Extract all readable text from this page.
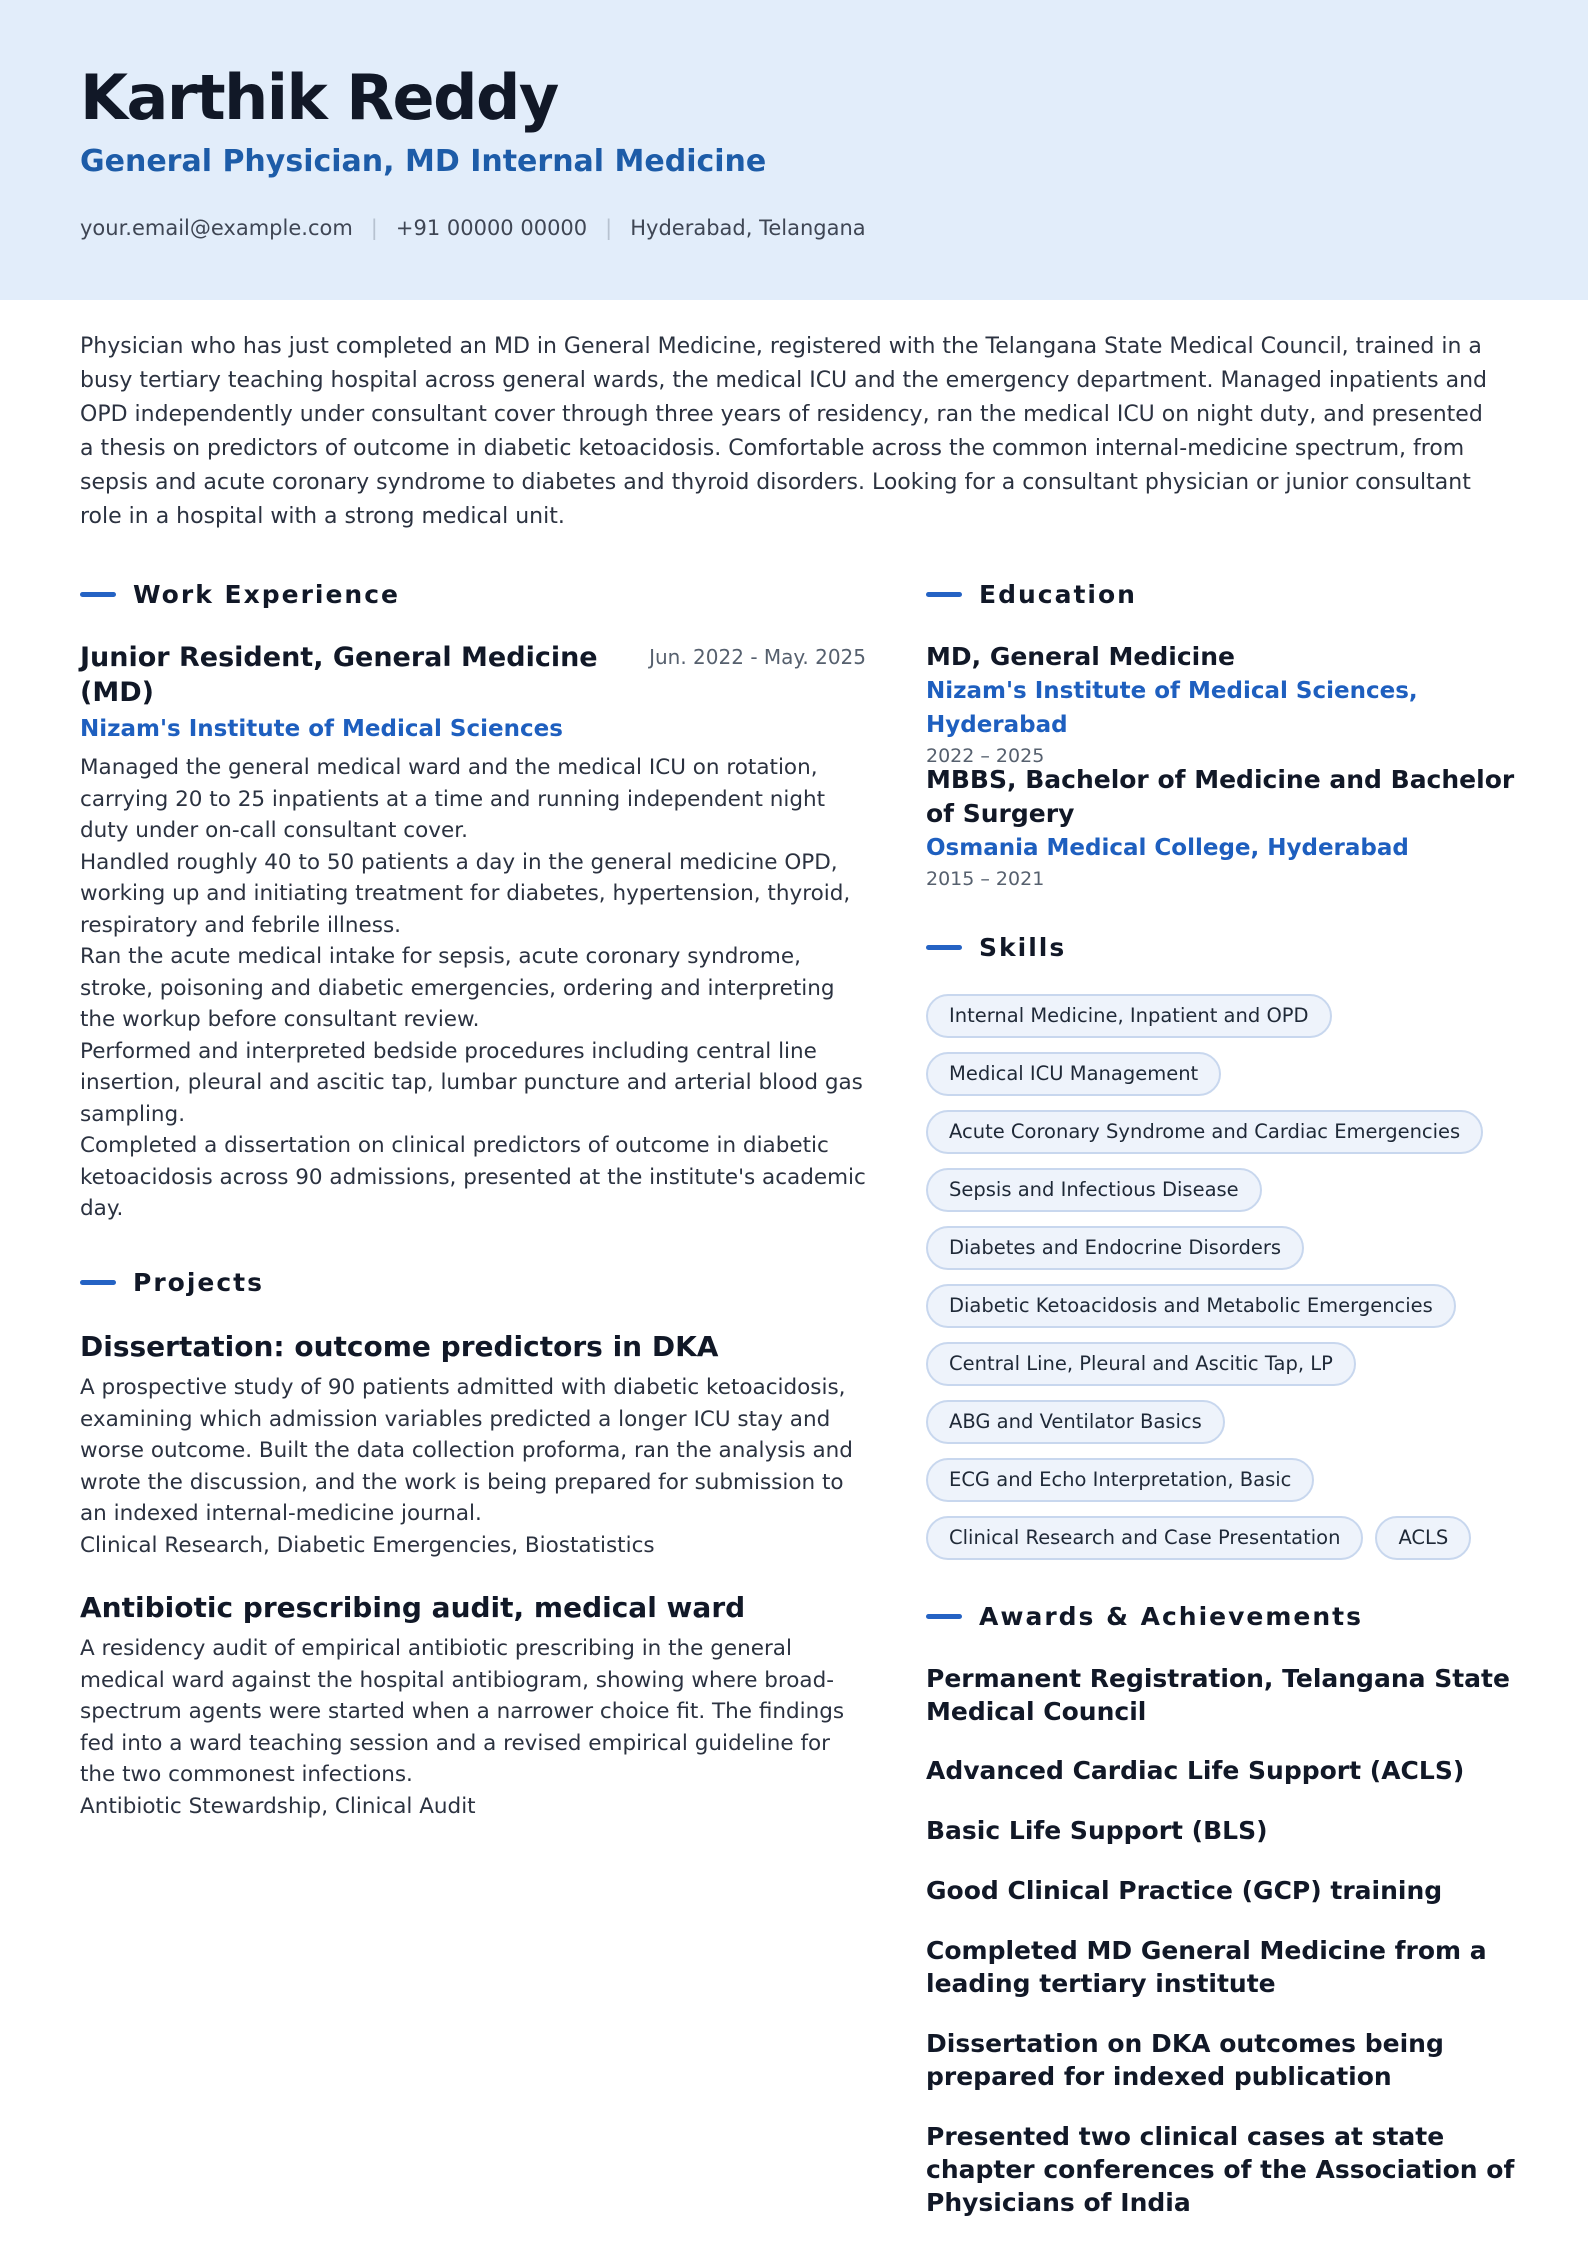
Karthik Reddy
General Physician, MD Internal Medicine
your.email@example.com | +91 00000 00000 | Hyderabad, Telangana

Physician who has just completed an MD in General Medicine, registered with the Telangana State Medical Council, trained in a busy tertiary teaching hospital across general wards, the medical ICU and the emergency department. Managed inpatients and OPD independently under consultant cover through three years of residency, ran the medical ICU on night duty, and presented a thesis on predictors of outcome in diabetic ketoacidosis. Comfortable across the common internal-medicine spectrum, from sepsis and acute coronary syndrome to diabetes and thyroid disorders. Looking for a consultant physician or junior consultant role in a hospital with a strong medical unit.

Work Experience
Junior Resident, General Medicine (MD)
Jun. 2022 - May. 2025
Nizam's Institute of Medical Sciences
Managed the general medical ward and the medical ICU on rotation, carrying 20 to 25 inpatients at a time and running independent night duty under on-call consultant cover.
Handled roughly 40 to 50 patients a day in the general medicine OPD, working up and initiating treatment for diabetes, hypertension, thyroid, respiratory and febrile illness.
Ran the acute medical intake for sepsis, acute coronary syndrome, stroke, poisoning and diabetic emergencies, ordering and interpreting the workup before consultant review.
Performed and interpreted bedside procedures including central line insertion, pleural and ascitic tap, lumbar puncture and arterial blood gas sampling.
Completed a dissertation on clinical predictors of outcome in diabetic ketoacidosis across 90 admissions, presented at the institute's academic day.
Projects
Dissertation: outcome predictors in DKA
A prospective study of 90 patients admitted with diabetic ketoacidosis, examining which admission variables predicted a longer ICU stay and worse outcome. Built the data collection proforma, ran the analysis and wrote the discussion, and the work is being prepared for submission to an indexed internal-medicine journal.
Clinical Research, Diabetic Emergencies, Biostatistics
Antibiotic prescribing audit, medical ward
A residency audit of empirical antibiotic prescribing in the general medical ward against the hospital antibiogram, showing where broad-spectrum agents were started when a narrower choice fit. The findings fed into a ward teaching session and a revised empirical guideline for the two commonest infections.
Antibiotic Stewardship, Clinical Audit
Education
MD, General Medicine
Nizam's Institute of Medical Sciences, Hyderabad
2022 – 2025
MBBS, Bachelor of Medicine and Bachelor of Surgery
Osmania Medical College, Hyderabad
2015 – 2021
Skills
Internal Medicine, Inpatient and OPD
Medical ICU Management
Acute Coronary Syndrome and Cardiac Emergencies
Sepsis and Infectious Disease
Diabetes and Endocrine Disorders
Diabetic Ketoacidosis and Metabolic Emergencies
Central Line, Pleural and Ascitic Tap, LP
ABG and Ventilator Basics
ECG and Echo Interpretation, Basic
Clinical Research and Case Presentation	ACLS
Awards & Achievements
Permanent Registration, Telangana State Medical Council
Advanced Cardiac Life Support (ACLS)
Basic Life Support (BLS)
Good Clinical Practice (GCP) training
Completed MD General Medicine from a leading tertiary institute
Dissertation on DKA outcomes being prepared for indexed publication
Presented two clinical cases at state chapter conferences of the Association of Physicians of India
